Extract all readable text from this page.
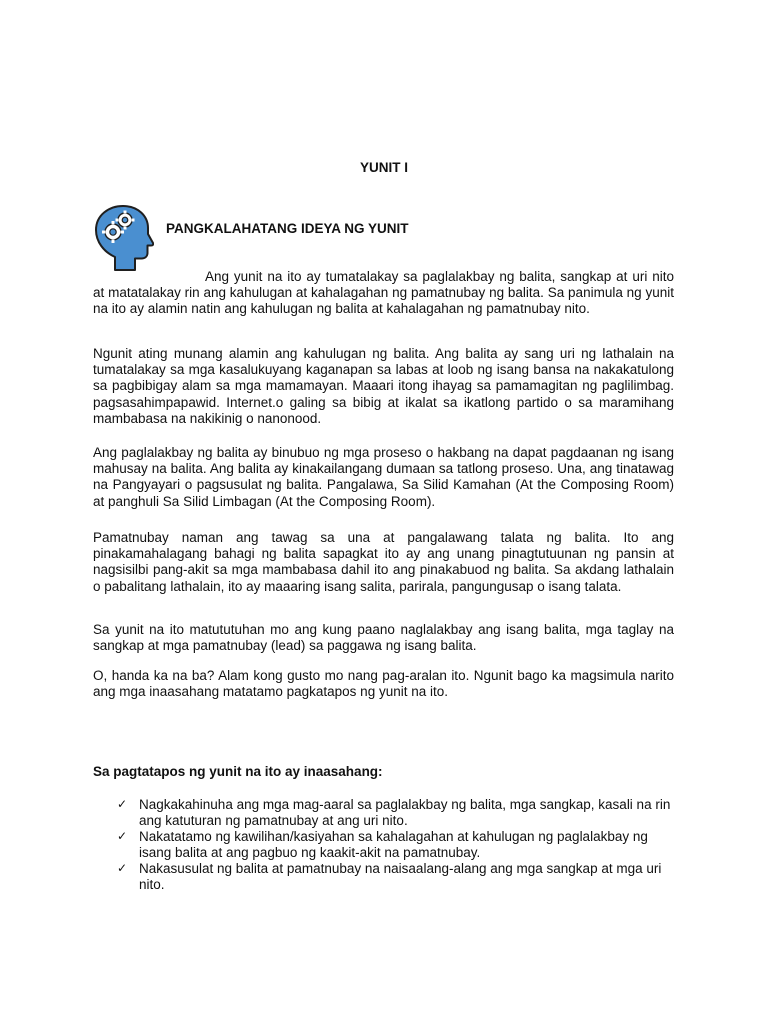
YUNIT I
PANGKALAHATANG IDEYA NG YUNIT

Ang yunit na ito ay tumatalakay sa paglalakbay ng balita, sangkap at uri nito at matatalakay rin ang kahulugan at kahalagahan ng pamatnubay ng balita. Sa panimula ng yunit na ito ay alamin natin ang kahulugan ng balita at kahalagahan ng pamatnubay nito.

Ngunit ating munang alamin ang kahulugan ng balita. Ang balita ay sang uri ng lathalain na tumatalakay sa mga kasalukuyang kaganapan sa labas at loob ng isang bansa na nakakatulong sa pagbibigay alam sa mga mamamayan. Maaari itong ihayag sa pamamagitan ng paglilimbag. pagsasahimpapawid. Internet.o galing sa bibig at ikalat sa ikatlong partido o sa maramihang mambabasa na nakikinig o nanonood.

Ang paglalakbay ng balita ay binubuo ng mga proseso o hakbang na dapat pagdaanan ng isang mahusay na balita. Ang balita ay kinakailangang dumaan sa tatlong proseso. Una, ang tinatawag na Pangyayari o pagsusulat ng balita. Pangalawa, Sa Silid Kamahan (At the Composing Room) at panghuli Sa Silid Limbagan (At the Composing Room).

Pamatnubay naman ang tawag sa una at pangalawang talata ng balita. Ito ang pinakamahalagang bahagi ng balita sapagkat ito ay ang unang pinagtutuunan ng pansin at nagsisilbi pang-akit sa mga mambabasa dahil ito ang pinakabuod ng balita. Sa akdang lathalain o pabalitang lathalain, ito ay maaaring isang salita, parirala, pangungusap o isang talata.

Sa yunit na ito matututuhan mo ang kung paano naglalakbay ang isang balita, mga taglay na sangkap at mga pamatnubay (lead) sa paggawa ng isang balita.

O, handa ka na ba? Alam kong gusto mo nang pag-aralan ito. Ngunit bago ka magsimula narito ang mga inaasahang matatamo pagkatapos ng yunit na ito.

Sa pagtatapos ng yunit na ito ay inaasahang:
✓ Nagkakahinuha ang mga mag-aaral sa paglalakbay ng balita, mga sangkap, kasali na rin ang katuturan ng pamatnubay at ang uri nito.
✓ Nakatatamo ng kawilihan/kasiyahan sa kahalagahan at kahulugan ng paglalakbay ng isang balita at ang pagbuo ng kaakit-akit na pamatnubay.
✓ Nakasusulat ng balita at pamatnubay na naisaalang-alang ang mga sangkap at mga uri nito.
